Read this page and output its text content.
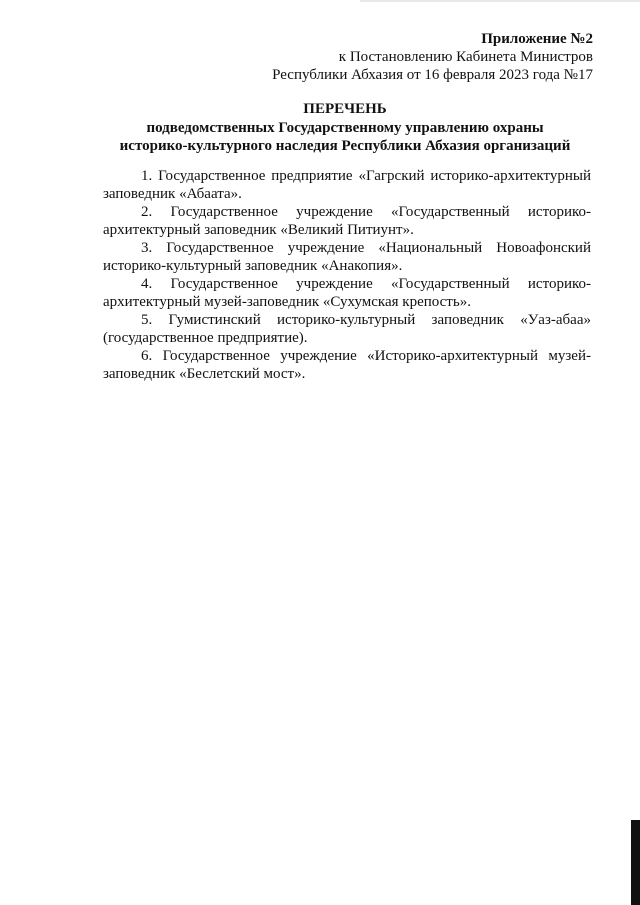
Приложение №2
к Постановлению Кабинета Министров
Республики Абхазия от 16 февраля 2023 года №17
ПЕРЕЧЕНЬ
подведомственных Государственному управлению охраны
историко-культурного наследия Республики Абхазия организаций

1. Государственное предприятие «Гагрский историко-архитектурный заповедник «Абаата».

2. Государственное учреждение «Государственный историко-архитектурный заповедник «Великий Питиунт».

3. Государственное учреждение «Национальный Новоафонский историко-культурный заповедник «Анакопия».

4. Государственное учреждение «Государственный историко-архитектурный музей-заповедник «Сухумская крепость».

5. Гумистинский историко-культурный заповедник «Уаз-абаа» (государственное предприятие).

6. Государственное учреждение «Историко-архитектурный музей-заповедник «Беслетский мост».
